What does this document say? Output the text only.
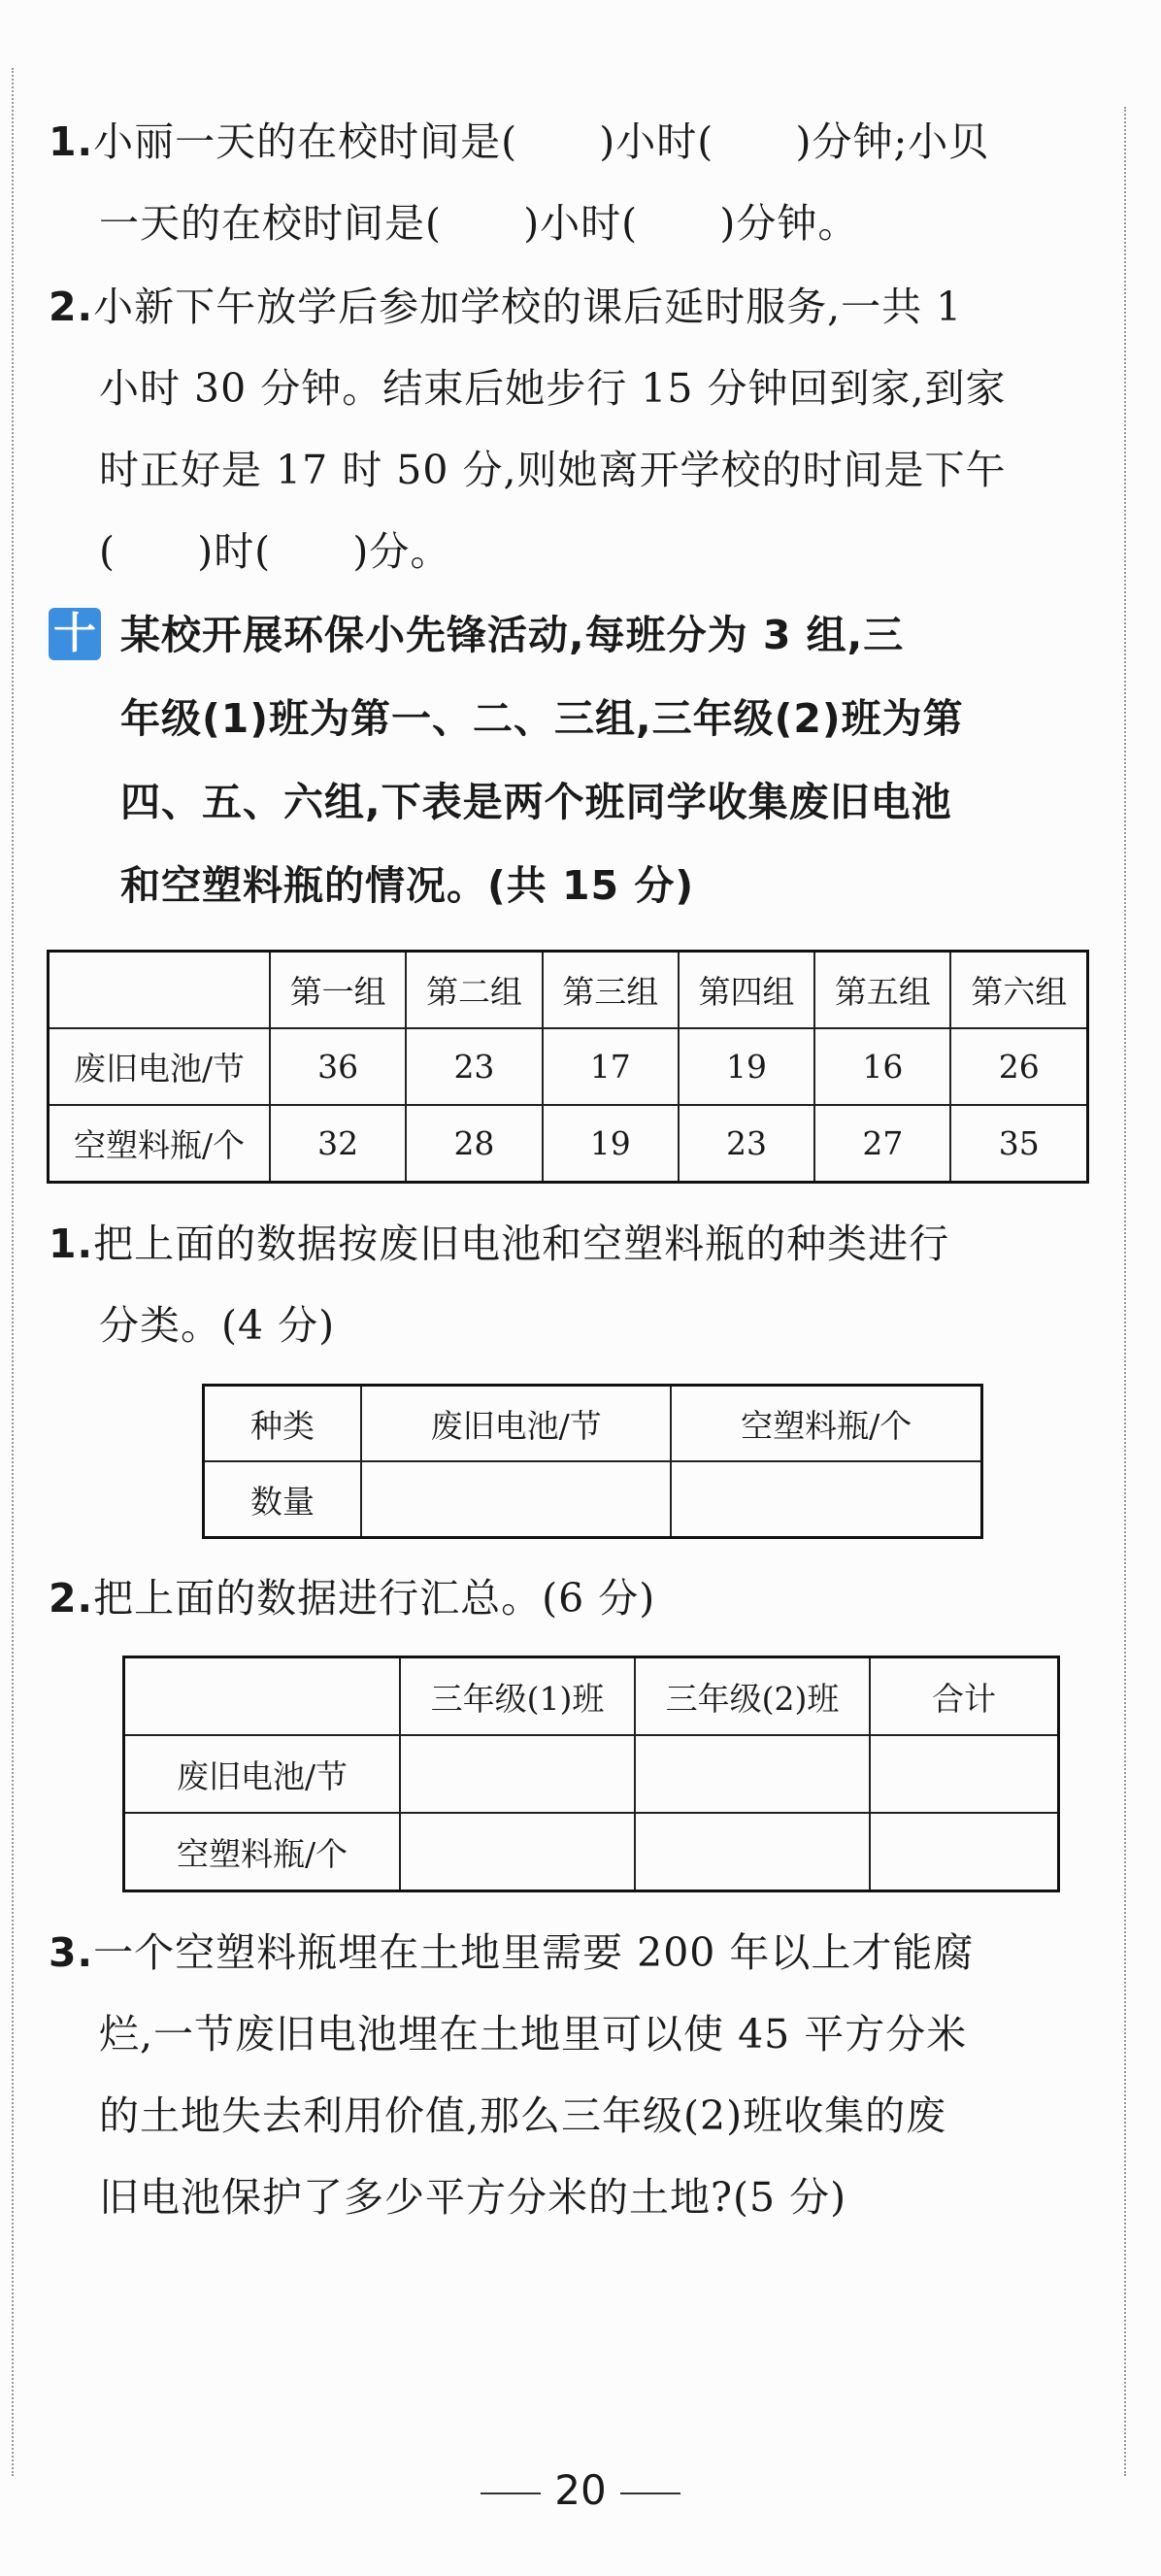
1.小丽一天的在校时间是(      )小时(      )分钟;小贝
一天的在校时间是(      )小时(      )分钟。
2.小新下午放学后参加学校的课后延时服务,一共 1
小时 30 分钟。结束后她步行 15 分钟回到家,到家
时正好是 17 时 50 分,则她离开学校的时间是下午
(      )时(      )分。
十 某校开展环保小先锋活动,每班分为 3 组,三
年级(1)班为第一、二、三组,三年级(2)班为第
四、五、六组,下表是两个班同学收集废旧电池
和空塑料瓶的情况。(共 15 分)
	第一组	第二组	第三组	第四组	第五组	第六组
废旧电池/节	36	23	17	19	16	26
空塑料瓶/个	32	28	19	23	27	35
1.把上面的数据按废旧电池和空塑料瓶的种类进行
分类。(4 分)
种类	废旧电池/节	空塑料瓶/个
数量		
2.把上面的数据进行汇总。(6 分)
	三年级(1)班	三年级(2)班	合计
废旧电池/节			
空塑料瓶/个			
3.一个空塑料瓶埋在土地里需要 200 年以上才能腐
烂,一节废旧电池埋在土地里可以使 45 平方分米
的土地失去利用价值,那么三年级(2)班收集的废
旧电池保护了多少平方分米的土地?(5 分)
20
